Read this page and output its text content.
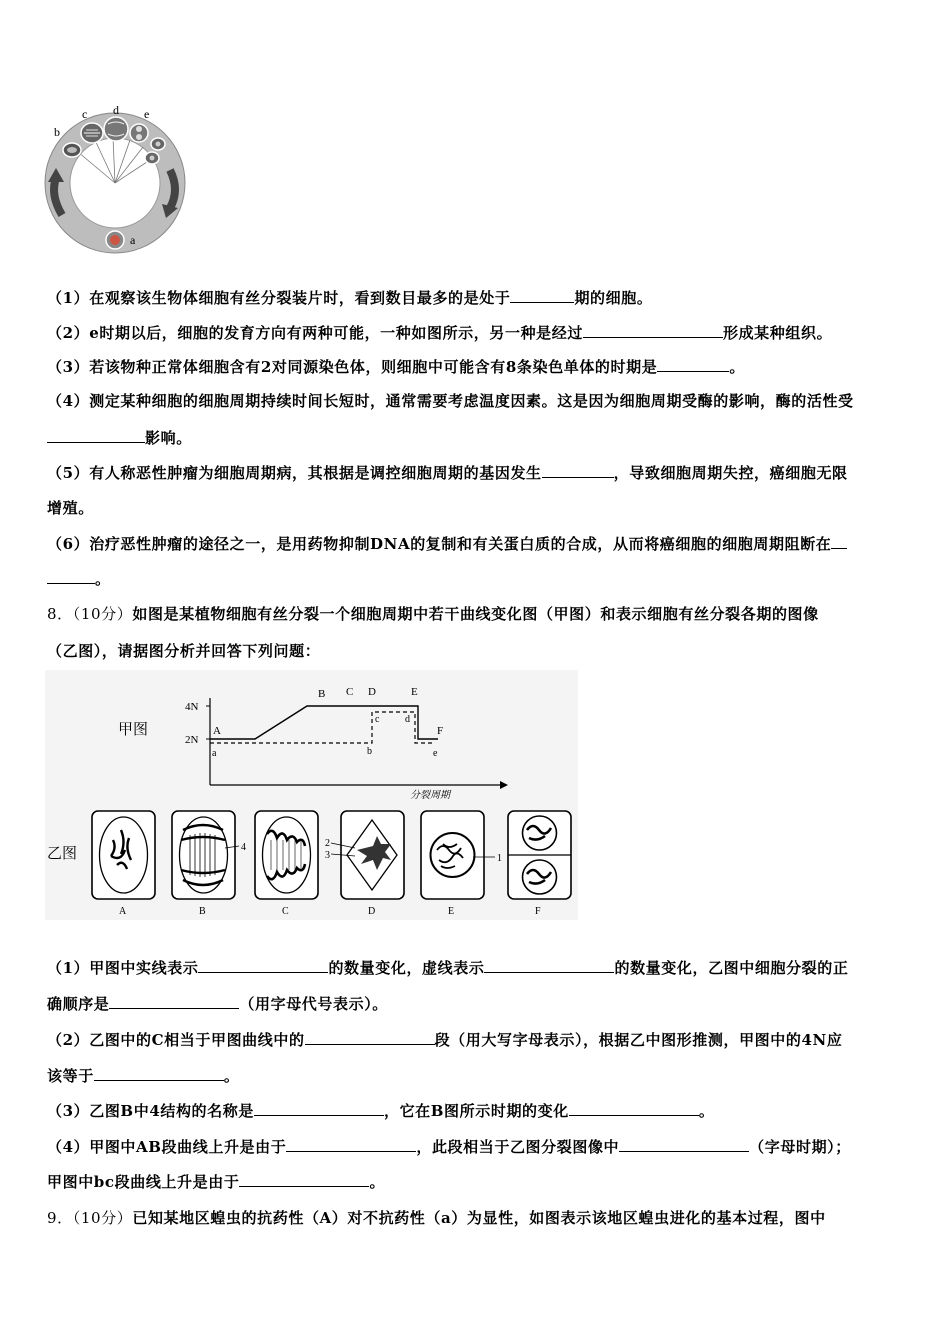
b
c d e
a
（1）在观察该生物体细胞有丝分裂装片时，看到数目最多的是处于	期的细胞。
（2）e时期以后，细胞的发育方向有两种可能，一种如图所示，另一种是经过	形成某种组织。
（3）若该物种正常体细胞含有2对同源染色体，则细胞中可能含有8条染色单体的时期是	。
（4）测定某种细胞的细胞周期持续时间长短时，通常需要考虑温度因素。这是因为细胞周期受酶的影响，酶的活性受
影响。
（5）有人称恶性肿瘤为细胞周期病，其根据是调控细胞周期的基因发生	，导致细胞周期失控，癌细胞无限
增殖。
（6）治疗恶性肿瘤的途径之一，是用药物抑制DNA的复制和有关蛋白质的合成，从而将癌细胞的细胞周期阻断在
。
8．（10分）如图是某植物细胞有丝分裂一个细胞周期中若干曲线变化图（甲图）和表示细胞有丝分裂各期的图像
（乙图），请据图分析并回答下列问题：
甲图
4N
2N
A
B C D	E
F
a	b
c	d
e
分裂周期
乙图
A
4
B	C
2
3
D
1
E	F
（1）甲图中实线表示	的数量变化，虚线表示	的数量变化，乙图中细胞分裂的正
确顺序是	（用字母代号表示）。
（2）乙图中的C相当于甲图曲线中的	段（用大写字母表示），根据乙中图形推测，甲图中的4N应
该等于	。
（3）乙图B中4结构的名称是	，它在B图所示时期的变化	。
（4）甲图中AB段曲线上升是由于	，此段相当于乙图分裂图像中	（字母时期）；
甲图中bc段曲线上升是由于	。
9．（10分）已知某地区蝗虫的抗药性（A）对不抗药性（a）为显性，如图表示该地区蝗虫进化的基本过程，图中
